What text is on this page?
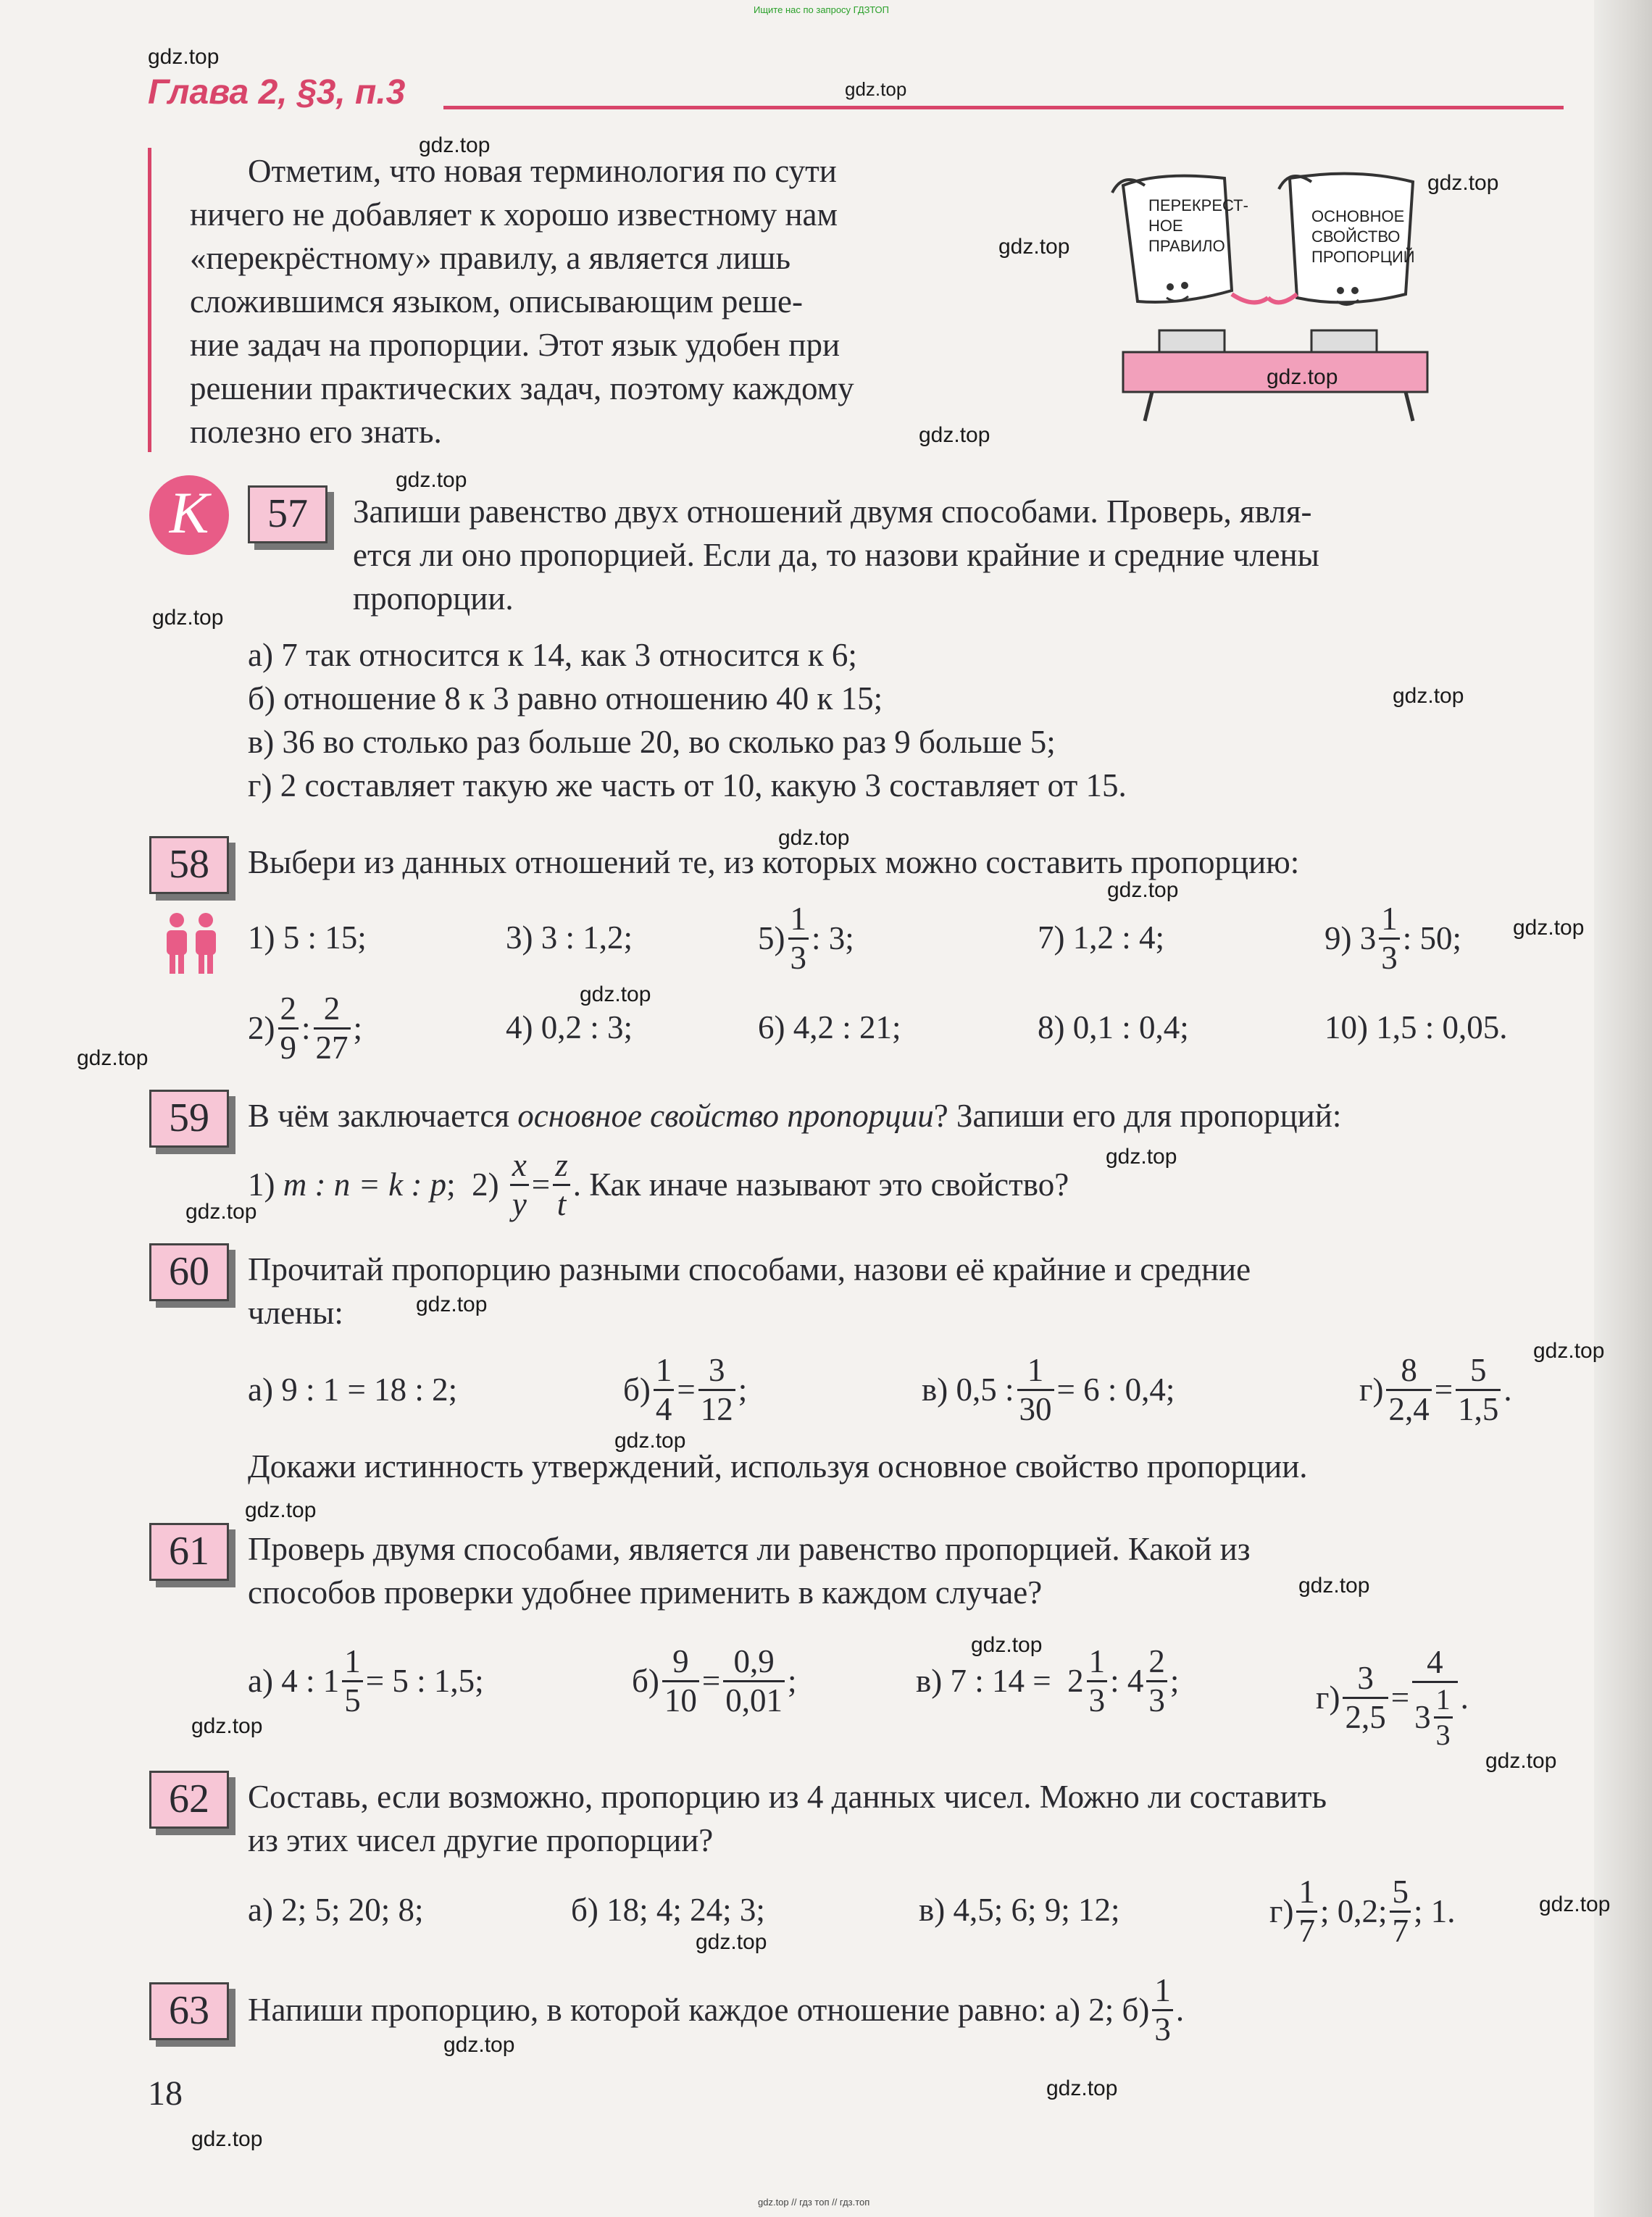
Ищите нас по запросу ГДЗТОП
Глава 2, §3, п.3
Отметим, что новая терминология по сути
ничего не добавляет к хорошо известному нам
«перекрёстному» правилу, а является лишь
сложившимся языком, описывающим реше-
ние задач на пропорции. Этот язык удобен при
решении практических задач, поэтому каждому
полезно его знать.
ПЕРЕКРЕСТ-
НОЕ
ПРАВИЛО
ОСНОВНОЕ
СВОЙСТВО
ПРОПОРЦИЙ
К	57	Запиши равенство двух отношений двумя способами. Проверь, явля-
ется ли оно пропорцией. Если да, то назови крайние и средние члены
пропорции.
а) 7 так относится к 14, как 3 относится к 6;
б) отношение 8 к 3 равно отношению 40 к 15;
в) 36 во столько раз больше 20, во сколько раз 9 больше 5;
г) 2 составляет такую же часть от 10, какую 3 составляет от 15.
58	Выбери из данных отношений те, из которых можно составить пропорцию:
1) 5 : 15;	3) 3 : 1,2;	$5) \frac{1}{3}$ : 3;	7) 1,2 : 4;	9) $3 \frac{1}{3}$ : 50;
$2) \frac{2}{9}$ : $\frac{2}{27}$ ;	4) 0,2 : 3;	6) 4,2 : 21;	8) 0,1 : 0,4;	10) 1,5 : 0,05.
59	В чём заключается основное свойство пропорции? Запиши его для пропорций:
1) m : n = k : p ;  $2) \frac{x}{y} = \frac{z}{t}$ . Как иначе называют это свойство?
60	Прочитай пропорцию разными способами, назови её крайние и средние
члены:
а) 9 : 1 = 18 : 2;	$б) \frac{1}{4} = \frac{3}{12}$ ;	в) 0,5 : $\frac{1}{30} = 6$ : 0,4;	$г) \frac{8}{2,4} = \frac{5}{1,5}$ .
Докажи истинность утверждений, используя основное свойство пропорции.
61	Проверь двумя способами, является ли равенство пропорцией. Какой из
способов проверки удобнее применить в каждом случае?
а) 4 : $1 \frac{1}{5} = 5$ : 1,5;	$б) \frac{9}{10} = \frac{0,9}{0,01}$ ;	в) 7 : $14 = 2 \frac{1}{3}$ : $4 \frac{2}{3}$ ;	$г) \frac{3}{2,5} = \frac{4}{3 \frac{1}{3}}$ .
62	Составь, если возможно, пропорцию из 4 данных чисел. Можно ли составить
из этих чисел другие пропорции?
а) 2; 5; 20; 8;	б) 18; 4; 24; 3;	в) 4,5; 6; 9; 12;	$г) \frac{1}{7}$ ; 0,2; $\frac{5}{7}$ ; 1.
63	Напиши пропорцию, в которой каждое отношение равно: а) 2; $б) \frac{1}{3}$ .
18
gdz.top
gdz.top
gdz.top
gdz.top
gdz.top
gdz.top
gdz.top
gdz.top
gdz.top
gdz.top
gdz.top
gdz.top
gdz.top
gdz.top
gdz.top
gdz.top
gdz.top
gdz.top
gdz.top
gdz.top
gdz.top
gdz.top
gdz.top
gdz.top
gdz.top
gdz.top
gdz.top
gdz.top
gdz.top
gdz.top
gdz.top // гдз топ // гдз.топ
